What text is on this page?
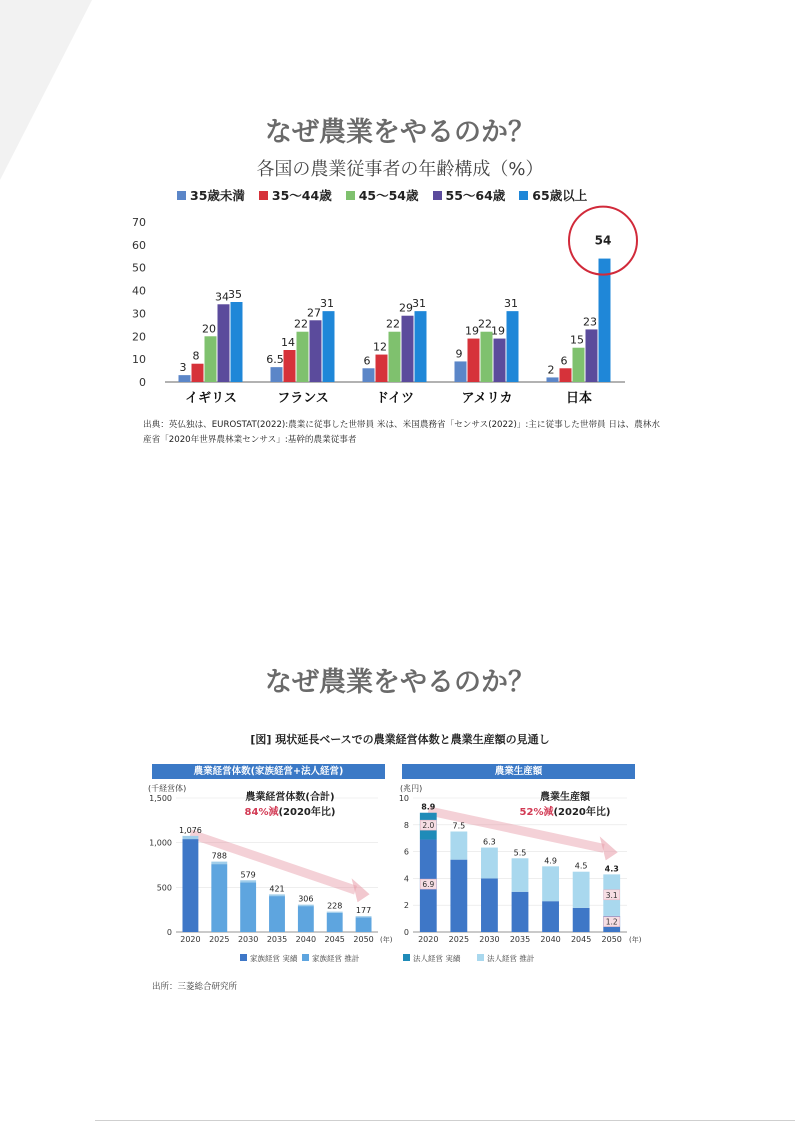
なぜ農業をやるのか？
各国の農業従事者の年齢構成（%）
35歳未満 35〜44歳 45〜54歳 55〜64歳 65歳以上
0
10
20
30
40
50
60
70
3
8
20
34 35
イギリス
6.5
14
22
27
31
フランス
6
12
22
29 31
ドイツ
9
19
22
19
31
アメリカ
2
6
15
23
54
日本
出典：英仏独は、EUROSTAT(2022):農業に従事した世帯員 米は、米国農務省「センサス(2022)」:主に従事した世帯員 日は、農林水産省「2020年世界農林業センサス」:基幹的農業従事者
なぜ農業をやるのか？
[図] 現状延長ベースでの農業経営体数と農業生産額の見通し
農業経営体数(家族経営+法人経営)	農業生産額
(千経営体)
0
500
1,000
1,500
1,076
2020
788
2025
579
2030
421
2035
306
2040
228
2045
177
2050 (年)
農業経営体数(合計)
84%減(2020年比)
家族経営 実績 家族経営 推計
(兆円)
0
2
4
6
8
10
8.9
2020
7.5
2025
6.3
2030
5.5
2035
4.9
2040
4.5
2045
4.3
2050 (年)
農業生産額
52%減(2020年比)
6.9
2.0
1.2
3.1
法人経営 実績	法人経営 推計
出所：三菱総合研究所
